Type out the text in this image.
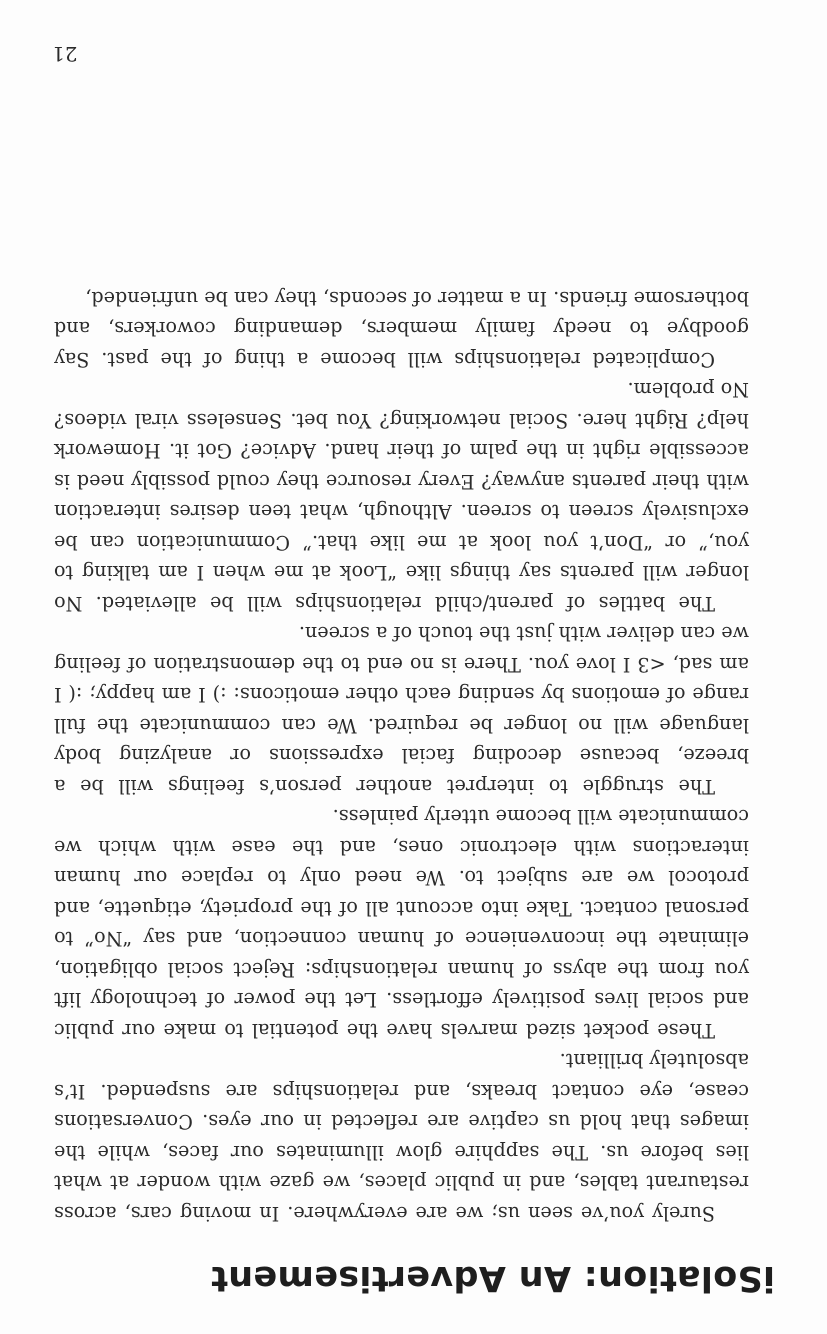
iSolation: An Advertisement

Surely you’ve seen us; we are everywhere. In moving cars, across restaurant tables, and in public places, we gaze with wonder at what lies before us. The sapphire glow illuminates our faces, while the images that hold us captive are reflected in our eyes. Conversations cease, eye contact breaks, and relationships are suspended. It’s absolutely brilliant.

These pocket sized marvels have the potential to make our public and social lives positively effortless. Let the power of technology lift you from the abyss of human relationships: Reject social obligation, eliminate the inconvenience of human connection, and say “No” to personal contact. Take into account all of the propriety, etiquette, and protocol we are subject to. We need only to replace our human interactions with electronic ones, and the ease with which we communicate will become utterly painless.

The struggle to interpret another person’s feelings will be a breeze, because decoding facial expressions or analyzing body language will no longer be required. We can communicate the full range of emotions by sending each other emoticons: :) I am happy; :( I am sad, <3 I love you. There is no end to the demonstration of feeling we can deliver with just the touch of a screen.

The battles of parent/child relationships will be alleviated. No longer will parents say things like “Look at me when I am talking to you,” or “Don’t you look at me like that.” Communication can be exclusively screen to screen. Although, what teen desires interaction with their parents anyway? Every resource they could possibly need is accessible right in the palm of their hand. Advice? Got it. Homework help? Right here. Social networking? You bet. Senseless viral videos? No problem.

Complicated relationships will become a thing of the past. Say goodbye to needy family members, demanding coworkers, and bothersome friends. In a matter of seconds, they can be unfriended,

21
